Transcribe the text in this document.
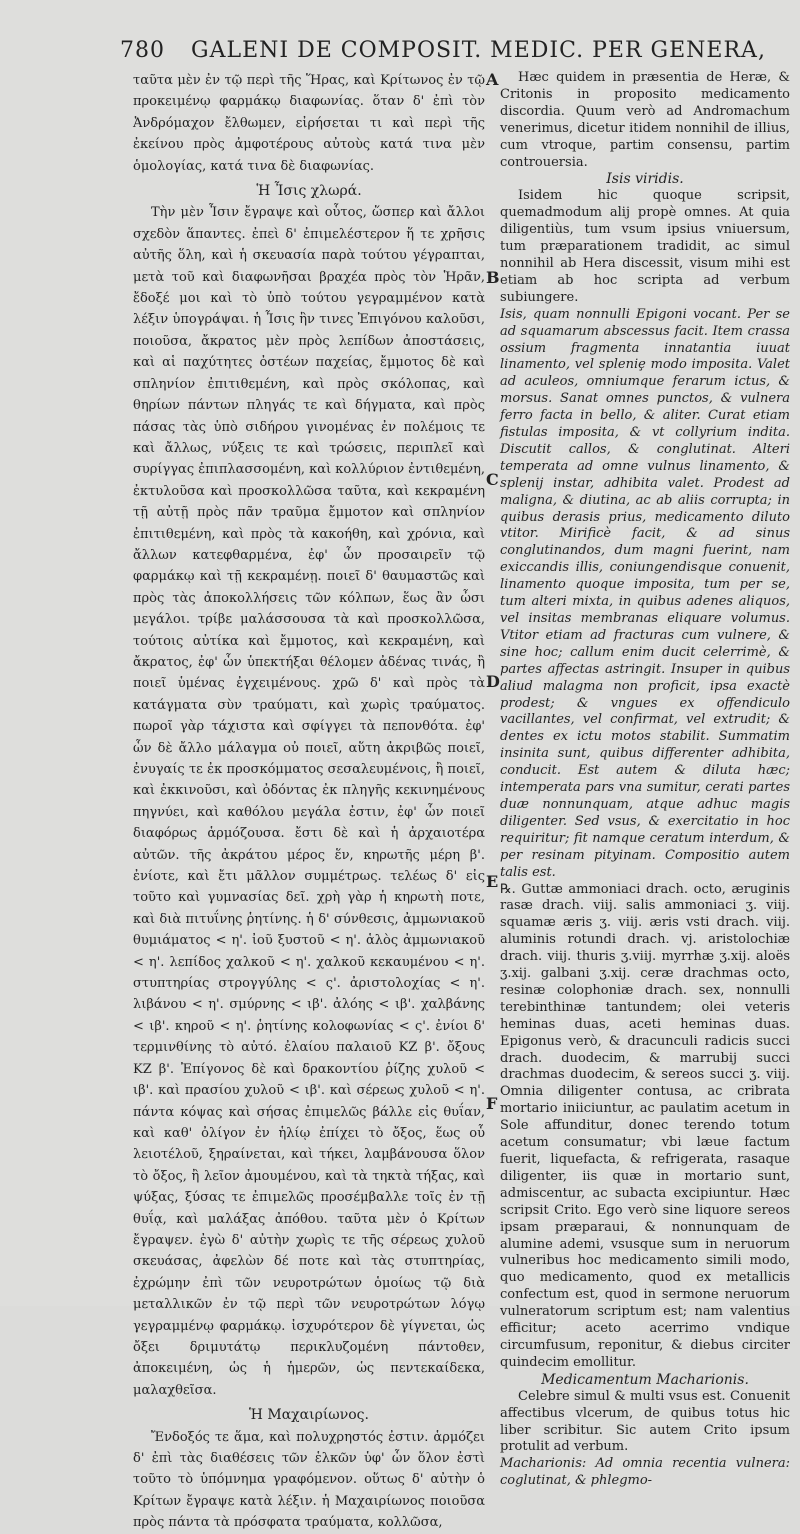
780 GALENI DE COMPOSIT. MEDIC. PER GENERA,

ταῦτα μὲν ἐν τῷ περὶ τῆς Ἥρας, καὶ Κρίτωνος ἐν τῷ προκειμένῳ φαρμάκῳ διαφωνίας. ὅταν δ' ἐπὶ τὸν Ἀνδρόμαχον ἔλθωμεν, εἰρήσεται τι καὶ περὶ τῆς ἐκείνου πρὸς ἀμφοτέρους αὐτοὺς κατά τινα μὲν ὁμολογίας, κατά τινα δὲ διαφωνίας.

Ἡ Ἶσις χλωρά.

Τὴν μὲν Ἶσιν ἔγραψε καὶ οὗτος, ὥσπερ καὶ ἄλλοι σχεδὸν ἅπαντες. ἐπεὶ δ' ἐπιμελέστερον ἥ τε χρῆσις αὐτῆς ὅλη, καὶ ἡ σκευασία παρὰ τούτου γέγραπται, μετὰ τοῦ καὶ διαφωνῆσαι βραχέα πρὸς τὸν Ἡρᾶν, ἔδοξέ μοι καὶ τὸ ὑπὸ τούτου γεγραμμένον κατὰ λέξιν ὑπογράψαι. ἡ Ἶσις ἣν τινες Ἐπιγόνου καλοῦσι, ποιοῦσα, ἄκρατος μὲν πρὸς λεπίδων ἀποστάσεις, καὶ αἱ παχύτητες ὀστέων παχείας, ἔμμοτος δὲ καὶ σπληνίον ἐπιτιθεμένη, καὶ πρὸς σκόλοπας, καὶ θηρίων πάντων πληγάς τε καὶ δήγματα, καὶ πρὸς πάσας τὰς ὑπὸ σιδήρου γινομένας ἐν πολέμοις τε καὶ ἄλλως, νύξεις τε καὶ τρώσεις, περιπλεῖ καὶ συρίγγας ἐπιπλασσομένη, καὶ κολλύριον ἐντιθεμένη, ἐκτυλοῦσα καὶ προσκολλῶσα ταῦτα, καὶ κεκραμένη τῇ αὐτῇ πρὸς πᾶν τραῦμα ἔμμοτον καὶ σπληνίον ἐπιτιθεμένη, καὶ πρὸς τὰ κακοήθη, καὶ χρόνια, καὶ ἄλλων κατεφθαρμένα, ἐφ' ὧν προσαιρεῖν τῷ φαρμάκῳ καὶ τῇ κεκραμένῃ. ποιεῖ δ' θαυμαστῶς καὶ πρὸς τὰς ἀποκολλήσεις τῶν κόλπων, ἕως ἂν ὦσι μεγάλοι. τρίβε μαλάσσουσα τὰ καὶ προσκολλῶσα, τούτοις αὐτίκα καὶ ἔμμοτος, καὶ κεκραμένη, καὶ ἄκρατος, ἐφ' ὧν ὑπεκτήξαι θέλομεν ἀδένας τινάς, ἢ ποιεῖ ὑμένας ἐγχειμένους. χρῶ δ' καὶ πρὸς τὰ κατάγματα σὺν τραύματι, καὶ χωρὶς τραύματος. πωροῖ γὰρ τάχιστα καὶ σφίγγει τὰ πεπονθότα. ἐφ' ὧν δὲ ἄλλο μάλαγμα οὐ ποιεῖ, αὕτη ἀκριβῶς ποιεῖ, ἐνυγαίς τε ἐκ προσκόμματος σεσαλευμένοις, ἢ ποιεῖ, καὶ ἐκκινοῦσι, καὶ ὀδόντας ἐκ πληγῆς κεκινημένους πηγνύει, καὶ καθόλου μεγάλα ἐστιν, ἐφ' ὧν ποιεῖ διαφόρως ἁρμόζουσα. ἔστι δὲ καὶ ἡ ἀρχαιοτέρα αὐτῶν. τῆς ἀκράτου μέρος ἕν, κηρωτῆς μέρη β'. ἐνίοτε, καὶ ἔτι μᾶλλον συμμέτρως. τελέως δ' εἰς τοῦτο καὶ γυμνασίας δεῖ. χρὴ γὰρ ἡ κηρωτὴ ποτε, καὶ διὰ πιτυΐνης ῥητίνης. ἡ δ' σύνθεσις, ἀμμωνιακοῦ θυμιάματος < η'. ἰοῦ ξυστοῦ < η'. ἁλὸς ἀμμωνιακοῦ < η'. λεπίδος χαλκοῦ < η'. χαλκοῦ κεκαυμένου < η'. στυπτηρίας στρογγύλης < ς'. ἀριστολοχίας < η'. λιβάνου < η'. σμύρνης < ιβ'. ἀλόης < ιβ'. χαλβάνης < ιβ'. κηροῦ < η'. ῥητίνης κολοφωνίας < ς'. ἐνίοι δ' τερμινθίνης τὸ αὐτό. ἐλαίου παλαιοῦ ΚΖ β'. ὄξους ΚΖ β'. Ἐπίγονος δὲ καὶ δρακοντίου ῥίζης χυλοῦ < ιβ'. καὶ πρασίου χυλοῦ < ιβ'. καὶ σέρεως χυλοῦ < η'. πάντα κόψας καὶ σήσας ἐπιμελῶς βάλλε εἰς θυΐαν, καὶ καθ' ὀλίγον ἐν ἡλίῳ ἐπίχει τὸ ὄξος, ἕως οὗ λειοτέλοῦ, ξηραίνεται, καὶ τήκει, λαμβάνουσα ὅλον τὸ ὄξος, ἢ λεῖον ἀμουμένου, καὶ τὰ τηκτὰ τήξας, καὶ ψύξας, ξύσας τε ἐπιμελῶς προσέμβαλλε τοῖς ἐν τῇ θυΐᾳ, καὶ μαλάξας ἀπόθου. ταῦτα μὲν ὁ Κρίτων ἔγραψεν. ἐγὼ δ' αὐτὴν χωρὶς τε τῆς σέρεως χυλοῦ σκευάσας, ἀφελὼν δέ ποτε καὶ τὰς στυπτηρίας, ἐχρώμην ἐπὶ τῶν νευροτρώτων ὁμοίως τῷ διὰ μεταλλικῶν ἐν τῷ περὶ τῶν νευροτρώτων λόγῳ γεγραμμένῳ φαρμάκῳ. ἰσχυρότερον δὲ γίγνεται, ὡς ὄξει δριμυτάτῳ περικλυζομένη πάντοθεν, ἀποκειμένη, ὡς ἡ ἡμερῶν, ὡς πεντεκαίδεκα, μαλαχθεῖσα.

Ἡ Μαχαιρίωνος.

Ἔνδοξός τε ἅμα, καὶ πολυχρηστός ἐστιν. ἁρμόζει δ' ἐπὶ τὰς διαθέσεις τῶν ἑλκῶν ὑφ' ὧν ὅλον ἐστὶ τοῦτο τὸ ὑπόμνημα γραφόμενον. οὕτως δ' αὐτὴν ὁ Κρίτων ἔγραψε κατὰ λέξιν. ἡ Μαχαιρίωνος ποιοῦσα πρὸς πάντα τὰ πρόσφατα τραύματα, κολλῶσα,

Hæc quidem in præsentia de Heræ, & Critonis in proposito medicamento discordia. Quum verò ad Andromachum venerimus, dicetur itidem nonnihil de illius, cum vtroque, partim consensu, partim controuersia.

Isis viridis.

Isidem hic quoque scripsit, quemadmodum alij propè omnes. At quia diligentiùs, tum vsum ipsius vniuersum, tum præparationem tradidit, ac simul nonnihil ab Hera discessit, visum mihi est etiam ab hoc scripta ad verbum subiungere.

Isis, quam nonnulli Epigoni vocant. Per se ad squamarum abscessus facit. Item crassa ossium fragmenta innatantia iuuat linamento, vel spleniȩ modo imposita. Valet ad aculeos, omniumque ferarum ictus, & morsus. Sanat omnes punctos, & vulnera ferro facta in bello, & aliter. Curat etiam fistulas imposita, & vt collyrium indita. Discutit callos, & conglutinat. Alteri temperata ad omne vulnus linamento, & splenij instar, adhibita valet. Prodest ad maligna, & diutina, ac ab aliis corrupta; in quibus derasis prius, medicamento diluto vtitor. Mirificè facit, & ad sinus conglutinandos, dum magni fuerint, nam exiccandis illis, coniungendisque conuenit, linamento quoque imposita, tum per se, tum alteri mixta, in quibus adenes aliquos, vel insitas membranas eliquare volumus. Vtitor etiam ad fracturas cum vulnere, & sine hoc; callum enim ducit celerrimè, & partes affectas astringit. Insuper in quibus aliud malagma non proficit, ipsa exactè prodest; & vngues ex offendiculo vacillantes, vel confirmat, vel extrudit; & dentes ex ictu motos stabilit. Summatim insinita sunt, quibus differenter adhibita, conducit. Est autem & diluta hæc; intemperata pars vna sumitur, cerati partes duæ nonnunquam, atque adhuc magis diligenter. Sed vsus, & exercitatio in hoc requiritur; fit namque ceratum interdum, & per resinam pityinam. Compositio autem talis est.

℞. Guttæ ammoniaci drach. octo, æruginis rasæ drach. viij. salis ammoniaci ʒ. viij. squamæ æris ʒ. viij. æris vsti drach. viij. aluminis rotundi drach. vj. aristolochiæ drach. viij. thuris ʒ.viij. myrrhæ ʒ.xij. aloës ʒ.xij. galbani ʒ.xij. ceræ drachmas octo, resinæ colophoniæ drach. sex, nonnulli terebinthinæ tantundem; olei veteris heminas duas, aceti heminas duas. Epigonus verò, & dracunculi radicis succi drach. duodecim, & marrubij succi drachmas duodecim, & sereos succi ʒ. viij. Omnia diligenter contusa, ac cribrata mortario iniiciuntur, ac paulatim acetum in Sole affunditur, donec terendo totum acetum consumatur; vbi læue factum fuerit, liquefacta, & refrigerata, rasaque diligenter, iis quæ in mortario sunt, admiscentur, ac subacta excipiuntur. Hæc scripsit Crito. Ego verò sine liquore sereos ipsam præparaui, & nonnunquam de alumine ademi, vsusque sum in neruorum vulneribus hoc medicamento simili modo, quo medicamento, quod ex metallicis confectum est, quod in sermone neruorum vulneratorum scriptum est; nam valentius efficitur; aceto acerrimo vndique circumfusum, reponitur, & diebus circiter quindecim emollitur.

Medicamentum Macharionis.

Celebre simul & multi vsus est. Conuenit affectibus vlcerum, de quibus totus hic liber scribitur. Sic autem Crito ipsum protulit ad verbum.

Macharionis: Ad omnia recentia vulnera: coglutinat, & phlegmo-

A
B
C
D
E
F
